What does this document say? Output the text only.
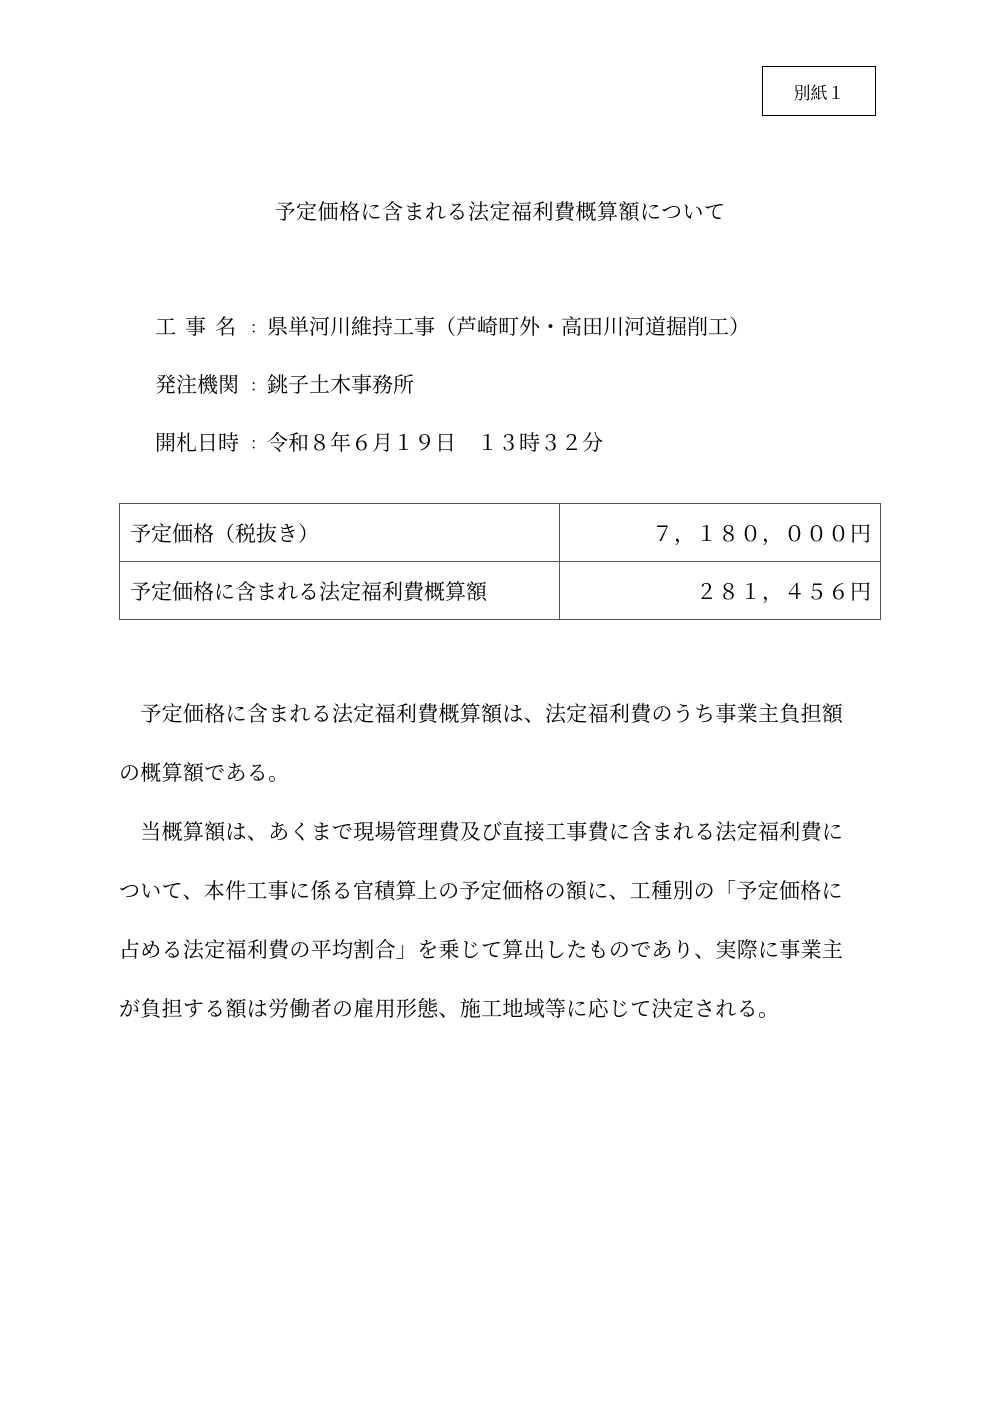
別紙１
予定価格に含まれる法定福利費概算額について
工事名 ： 県単河川維持工事（芦崎町外・高田川河道掘削工）
発注機関 ： 銚子土木事務所
開札日時 ： 令和８年６月１９日　１３時３２分
予定価格（税抜き）	７，１８０，０００円
予定価格に含まれる法定福利費概算額	２８１，４５６円
　予定価格に含まれる法定福利費概算額は、法定福利費のうち事業主負担額
の概算額である。
　当概算額は、あくまで現場管理費及び直接工事費に含まれる法定福利費に
ついて、本件工事に係る官積算上の予定価格の額に、工種別の「予定価格に
占める法定福利費の平均割合」を乗じて算出したものであり、実際に事業主
が負担する額は労働者の雇用形態、施工地域等に応じて決定される。
